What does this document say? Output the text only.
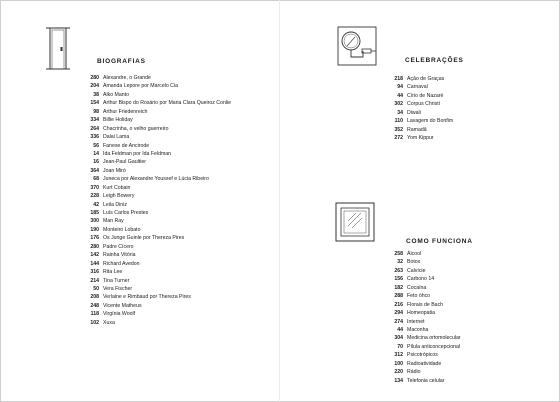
BIOGRAFIAS
280 Alexandre, o Grande
204 Amanda Lepore por Marcelo Cia
38 Alko Manto
154 Arthur Bispo do Rosário por Maria Clara Queiroz Conlie
98 Arthur Friedenreich
334 Billie Holiday
264 Chacrinha, o velho guerreiro
336 Dalai Lama
56 Fanese de Ancirode
14 Ida Feldman por Ida Feldman
16 Jean-Paul Gaultier
364 Joan Miró
68 Juneca por Alexandre Youssef e Lúcia Ribeiro
370 Kurt Cobain
228 Leigh Bowery
42 Leila Diniz
185 Luís Carlos Prestes
300 Man Ray
190 Monteiro Lobato
176 Os Junge Guinle por Thereza Pires
280 Padre Cícero
142 Rainha Vitória
144 Richard Avedon
316 Rita Lee
214 Tina Turner
50 Vera Fischer
208 Verlaine e Rimbaud por Thereza Pires
248 Vicente Matheus
118 Virgínia Woolf
102 Xuxa
CELEBRAÇÕES
218 Ação de Graças
94 Carnaval
44 Círio de Nazaré
302 Corpus Christi
34 Diwali
110 Lavagem do Bonfim
352 Ramadã
272 Yom Kippur
COMO FUNCIONA
258 Álcool
32 Botox
263 Calvície
156 Carbono 14
182 Cocaína
288 Feto óhco
216 Florais de Bach
294 Homeopatia
274 Internet
44 Maconha
304 Medicina ortomolecular
70 Pílula anticoncepcional
312 Psicotrópicos
100 Radioatividade
220 Rádio
134 Telefonia celular
